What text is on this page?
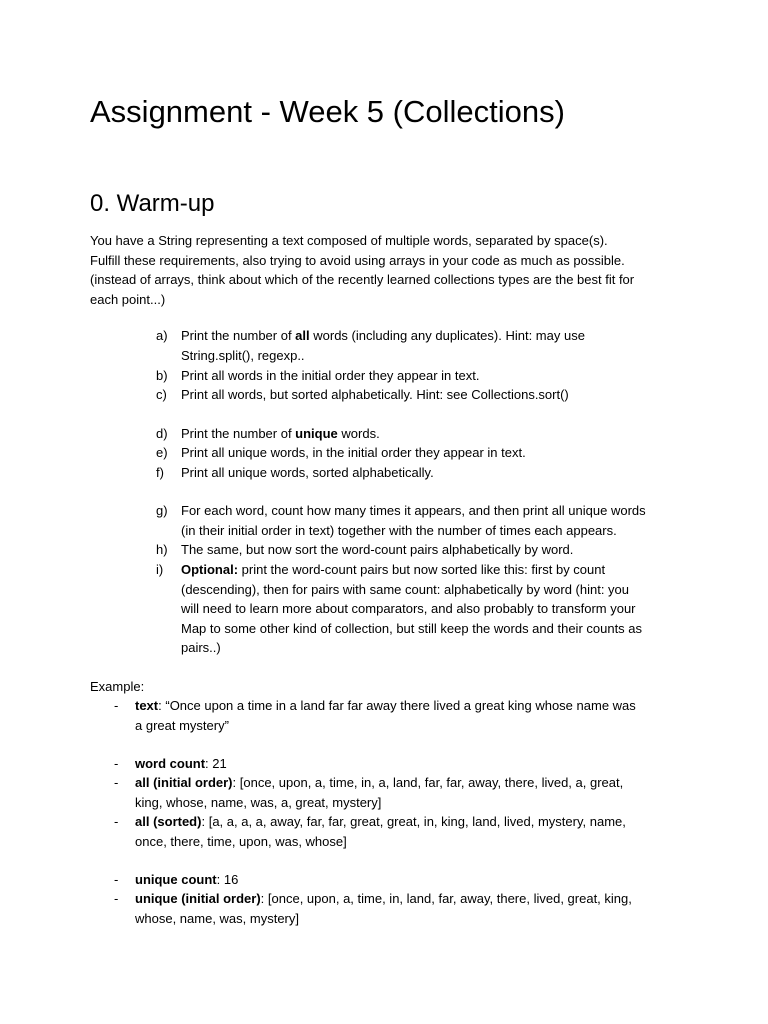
Assignment - Week 5 (Collections)
0. Warm-up

You have a String representing a text composed of multiple words, separated by space(s).
Fulfill these requirements, also trying to avoid using arrays in your code as much as possible.
(instead of arrays, think about which of the recently learned collections types are the best fit for
each point...)

a)	Print the number of all words (including any duplicates). Hint: may use
String.split(), regexp..
b)	Print all words in the initial order they appear in text.
c)	Print all words, but sorted alphabetically. Hint: see Collections.sort()
d)	Print the number of unique words.
e)	Print all unique words, in the initial order they appear in text.
f)	Print all unique words, sorted alphabetically.
g)	For each word, count how many times it appears, and then print all unique words
(in their initial order in text) together with the number of times each appears.
h)	The same, but now sort the word-count pairs alphabetically by word.
i)	Optional: print the word-count pairs but now sorted like this: first by count
(descending), then for pairs with same count: alphabetically by word (hint: you
will need to learn more about comparators, and also probably to transform your
Map to some other kind of collection, but still keep the words and their counts as
pairs..)
Example:
-	text: “Once upon a time in a land far far away there lived a great king whose name was
a great mystery”
-	word count: 21
-	all (initial order): [once, upon, a, time, in, a, land, far, far, away, there, lived, a, great,
king, whose, name, was, a, great, mystery]
-	all (sorted): [a, a, a, a, away, far, far, great, great, in, king, land, lived, mystery, name,
once, there, time, upon, was, whose]
-	unique count: 16
-	unique (initial order): [once, upon, a, time, in, land, far, away, there, lived, great, king,
whose, name, was, mystery]
